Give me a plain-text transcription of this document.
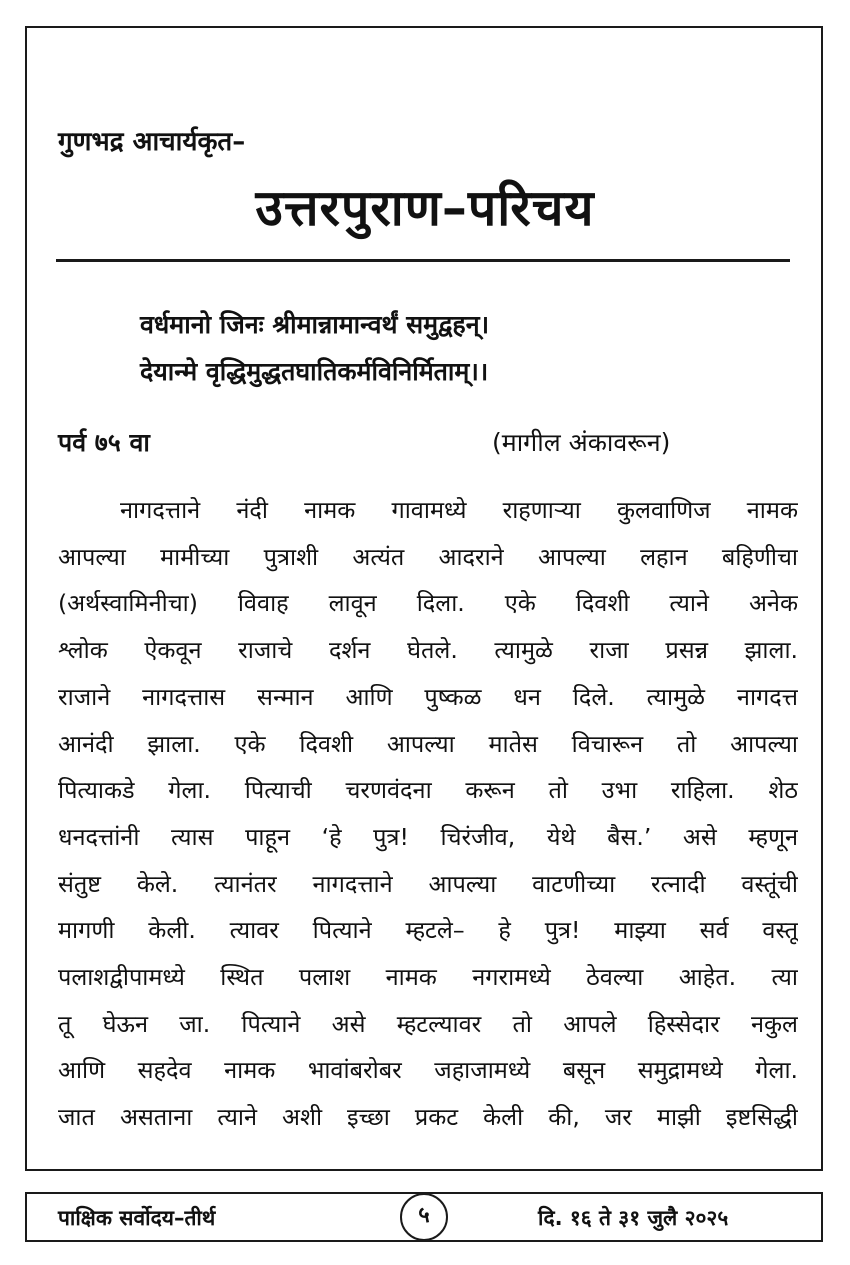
गुणभद्र आचार्यकृत–
उत्तरपुराण–परिचय
वर्धमानो जिनः श्रीमान्नामान्वर्थं समुद्वहन्।
देयान्मे वृद्धिमुद्धतघातिकर्मविनिर्मिताम्।।
पर्व ७५ वा	(मागील अंकावरून)
नागदत्ताने नंदी नामक गावामध्ये राहणाऱ्या कुलवाणिज नामक
आपल्या मामीच्या पुत्राशी अत्यंत आदराने आपल्या लहान बहिणीचा
(अर्थस्वामिनीचा) विवाह लावून दिला. एके दिवशी त्याने अनेक
श्लोक ऐकवून राजाचे दर्शन घेतले. त्यामुळे राजा प्रसन्न झाला.
राजाने नागदत्तास सन्मान आणि पुष्कळ धन दिले. त्यामुळे नागदत्त
आनंदी झाला. एके दिवशी आपल्या मातेस विचारून तो आपल्या
पित्याकडे गेला. पित्याची चरणवंदना करून तो उभा राहिला. शेठ
धनदत्तांनी त्यास पाहून ‘हे पुत्र! चिरंजीव, येथे बैस.’ असे म्हणून
संतुष्ट केले. त्यानंतर नागदत्ताने आपल्या वाटणीच्या रत्नादी वस्तूंची
मागणी केली. त्यावर पित्याने म्हटले– हे पुत्र! माझ्या सर्व वस्तू
पलाशद्वीपामध्ये स्थित पलाश नामक नगरामध्ये ठेवल्या आहेत. त्या
तू घेऊन जा. पित्याने असे म्हटल्यावर तो आपले हिस्सेदार नकुल
आणि सहदेव नामक भावांबरोबर जहाजामध्ये बसून समुद्रामध्ये गेला.
जात असताना त्याने अशी इच्छा प्रकट केली की, जर माझी इष्टसिद्धी
पाक्षिक सर्वोदय–तीर्थ	५	दि. १६ ते ३१ जुलै २०२५
